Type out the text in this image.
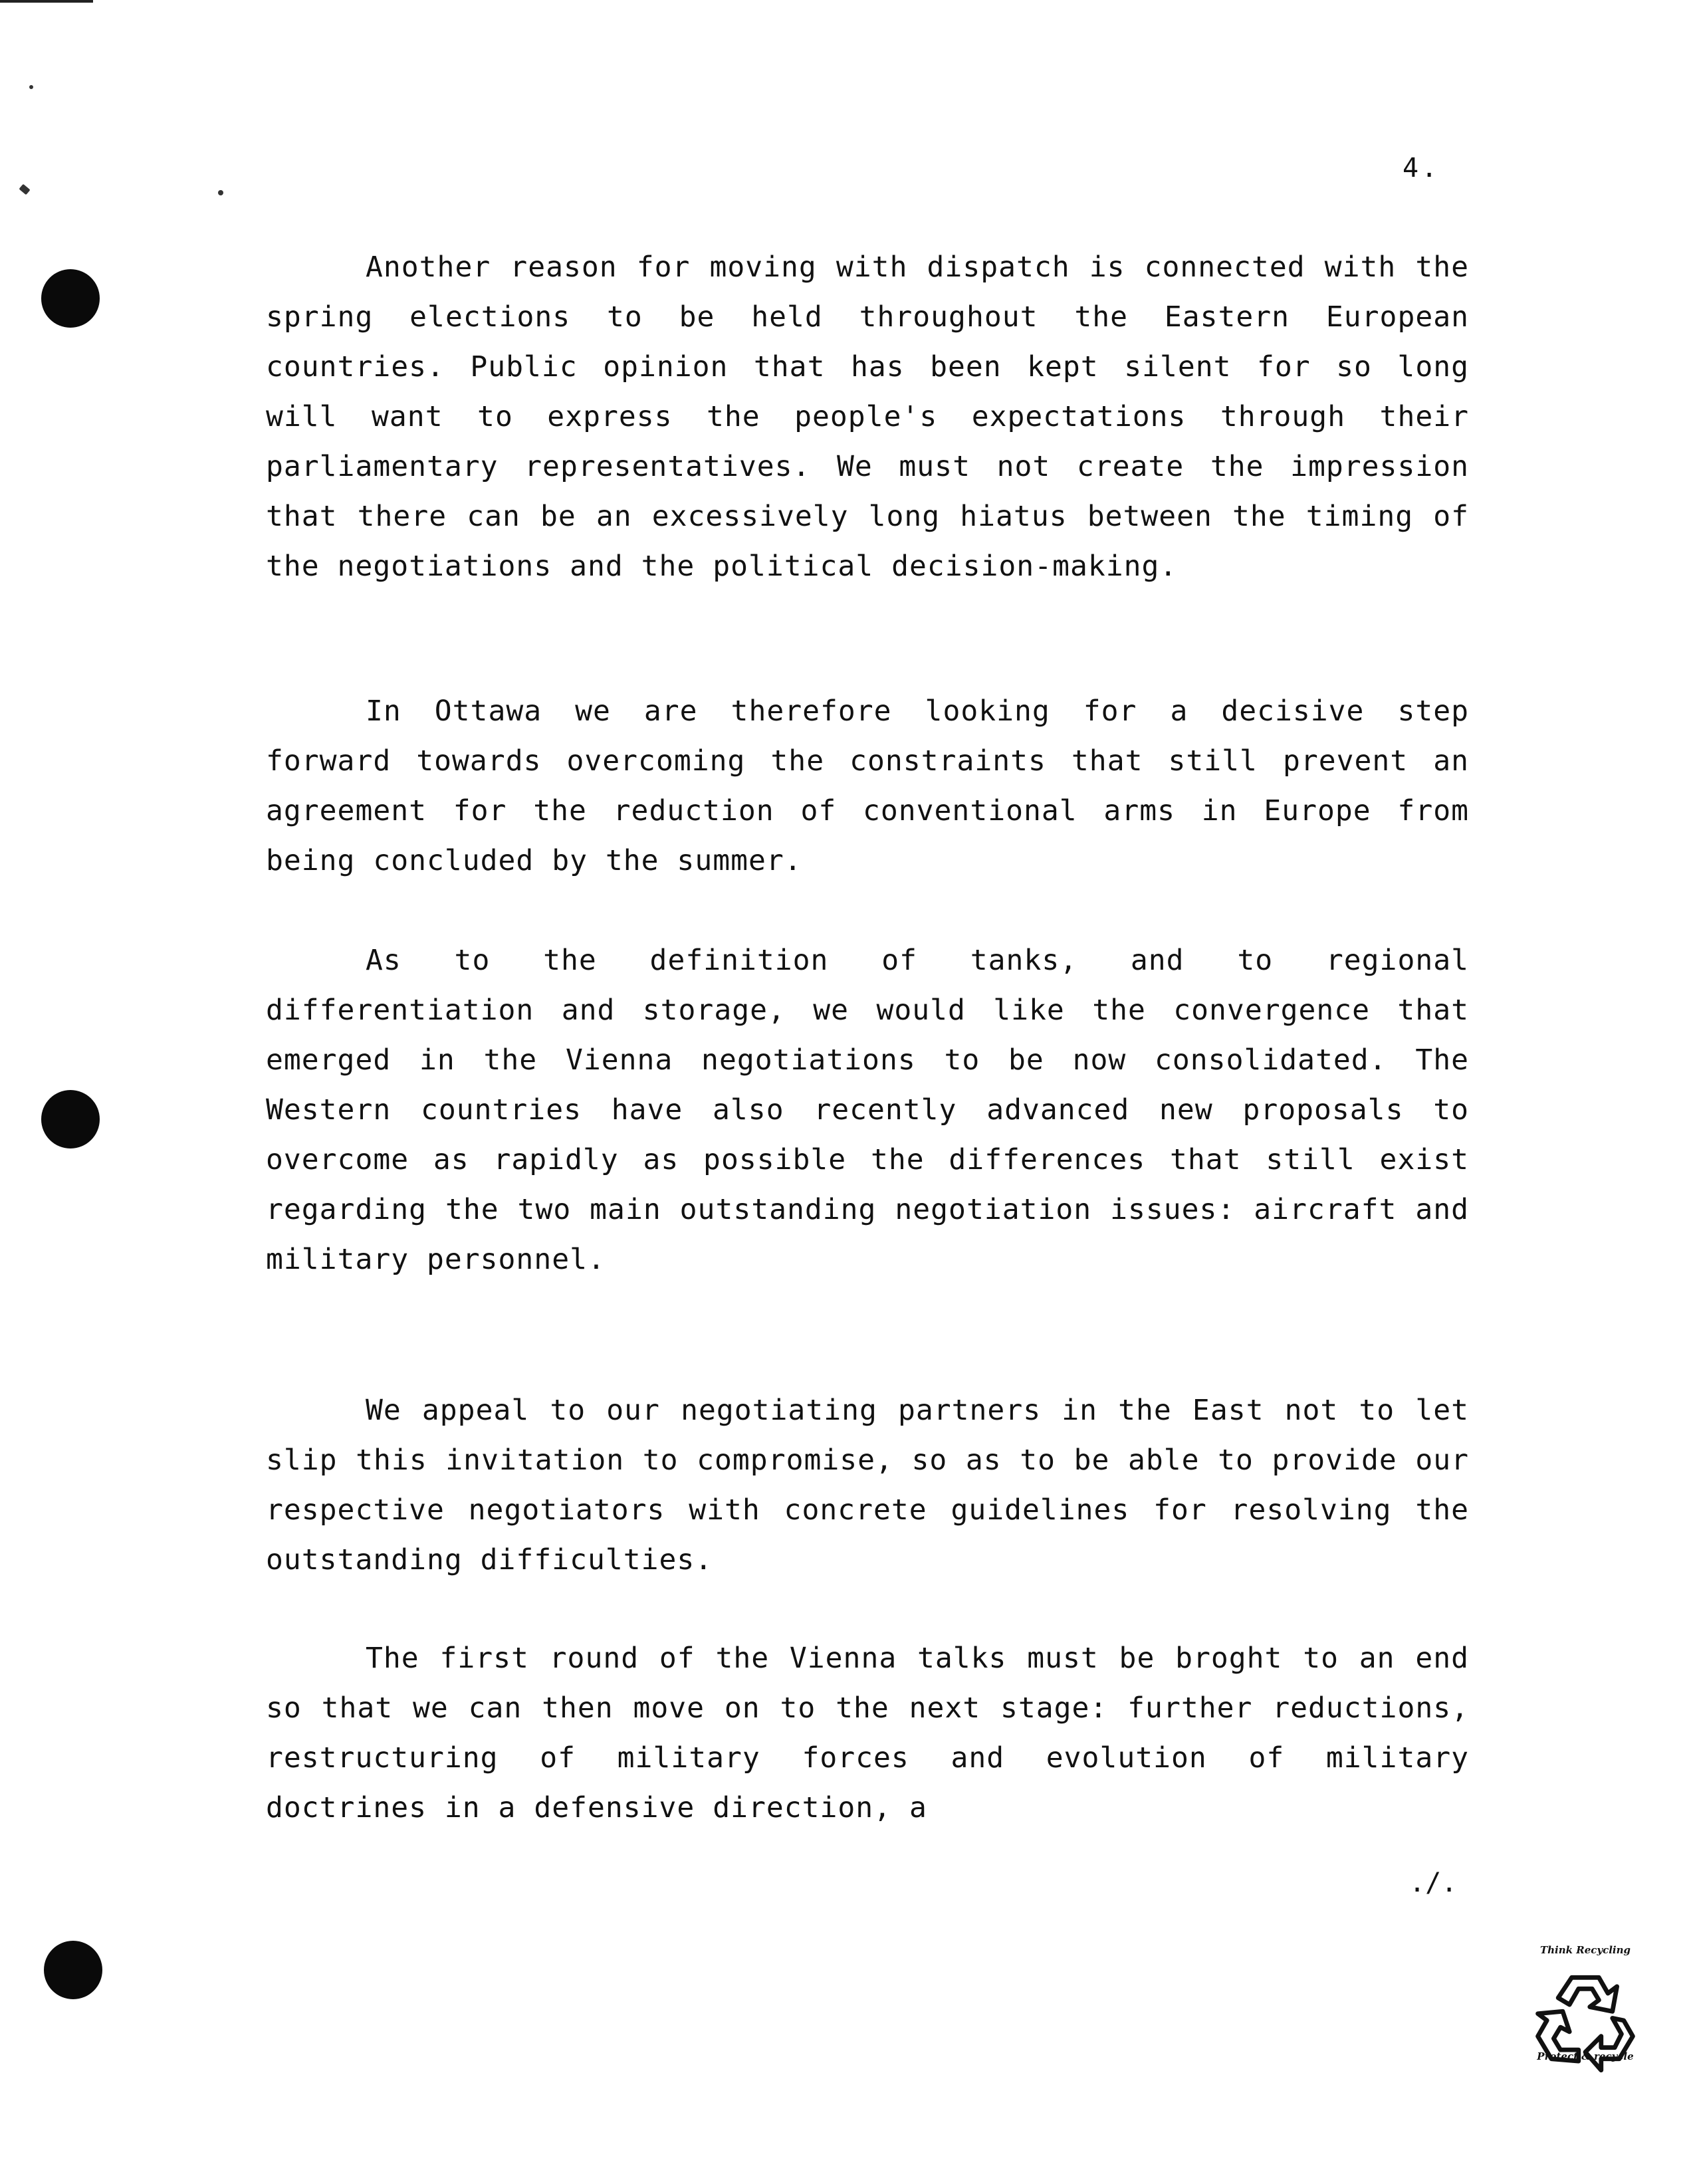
4.

Another reason for moving with dispatch is connected with the spring elections to be held throughout the Eastern European countries. Public opinion that has been kept silent for so long will want to express the people's expectations through their parliamentary representatives. We must not create the impression that there can be an excessively long hiatus between the timing of the negotiations and the political decision-making.

In Ottawa we are therefore looking for a decisive step forward towards overcoming the constraints that still prevent an agreement for the reduction of conventional arms in Europe from being concluded by the summer.

As to the definition of tanks, and to regional differentiation and storage, we would like the convergence that emerged in the Vienna negotiations to be now consolidated. The Western countries have also recently advanced new proposals to overcome as rapidly as possible the differences that still exist regarding the two main outstanding negotiation issues: aircraft and military personnel.

We appeal to our negotiating partners in the East not to let slip this invitation to compromise, so as to be able to provide our respective negotiators with concrete guidelines for resolving the outstanding difficulties.

The first round of the Vienna talks must be broght to an end so that we can then move on to the next stage: further reductions, restructuring of military forces and evolution of military doctrines in a defensive direction, a

./.
Think Recycling
Protect & recycle
